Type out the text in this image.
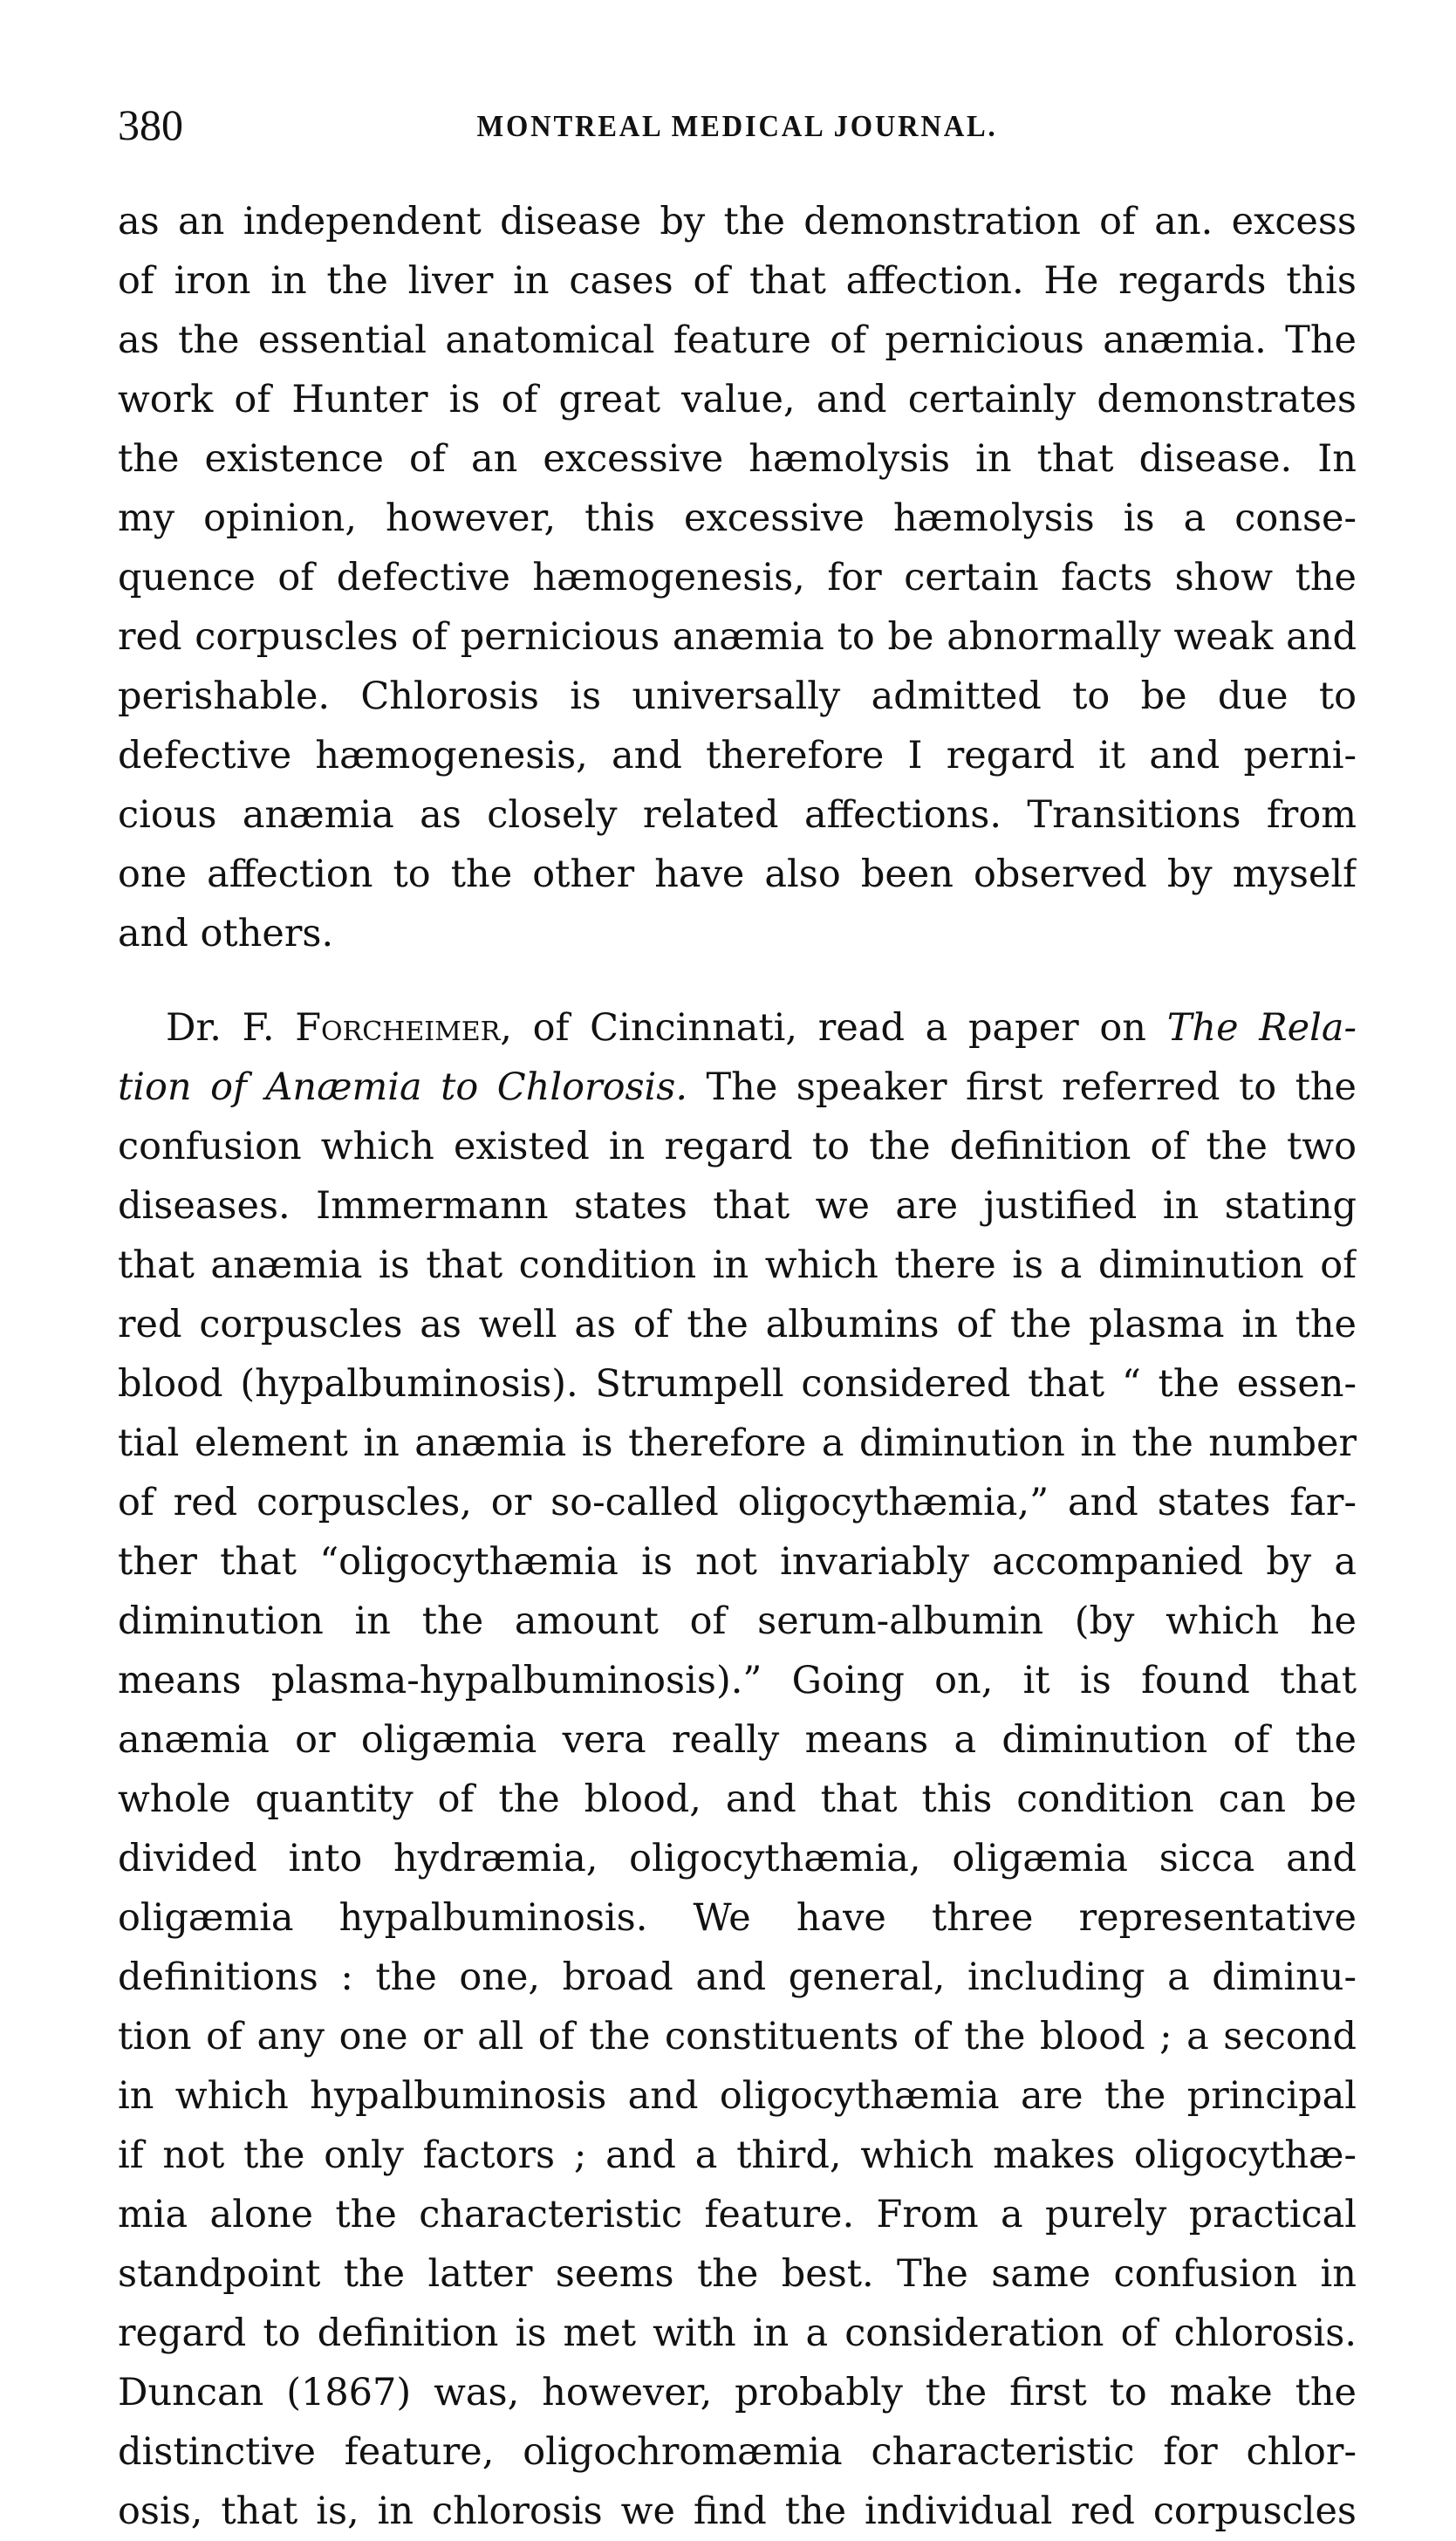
380	MONTREAL MEDICAL JOURNAL.
as an independent disease by the demonstration of an. excess
of iron in the liver in cases of that affection. He regards this
as the essential anatomical feature of pernicious anæmia. The
work of Hunter is of great value, and certainly demonstrates
the existence of an excessive hæmolysis in that disease. In
my opinion, however, this excessive hæmolysis is a conse-
quence of defective hæmogenesis, for certain facts show the
red corpuscles of pernicious anæmia to be abnormally weak and
perishable. Chlorosis is universally admitted to be due to
defective hæmogenesis, and therefore I regard it and perni-
cious anæmia as closely related affections. Transitions from
one affection to the other have also been observed by myself
and others.
Dr. F. Forcheimer, of Cincinnati, read a paper on The Rela-
tion of Anæmia to Chlorosis. The speaker first referred to the
confusion which existed in regard to the definition of the two
diseases. Immermann states that we are justified in stating
that anæmia is that condition in which there is a diminution of
red corpuscles as well as of the albumins of the plasma in the
blood (hypalbuminosis). Strumpell considered that “ the essen-
tial element in anæmia is therefore a diminution in the number
of red corpuscles, or so-called oligocythæmia,” and states far-
ther that “oligocythæmia is not invariably accompanied by a
diminution in the amount of serum-albumin (by which he
means plasma-hypalbuminosis).” Going on, it is found that
anæmia or oligæmia vera really means a diminution of the
whole quantity of the blood, and that this condition can be
divided into hydræmia, oligocythæmia, oligæmia sicca and
oligæmia hypalbuminosis. We have three representative
definitions : the one, broad and general, including a diminu-
tion of any one or all of the constituents of the blood ; a second
in which hypalbuminosis and oligocythæmia are the principal
if not the only factors ; and a third, which makes oligocythæ-
mia alone the characteristic feature. From a purely practical
standpoint the latter seems the best. The same confusion in
regard to definition is met with in a consideration of chlorosis.
Duncan (1867) was, however, probably the first to make the
distinctive feature, oligochromæmia characteristic for chlor-
osis, that is, in chlorosis we find the individual red corpuscles
